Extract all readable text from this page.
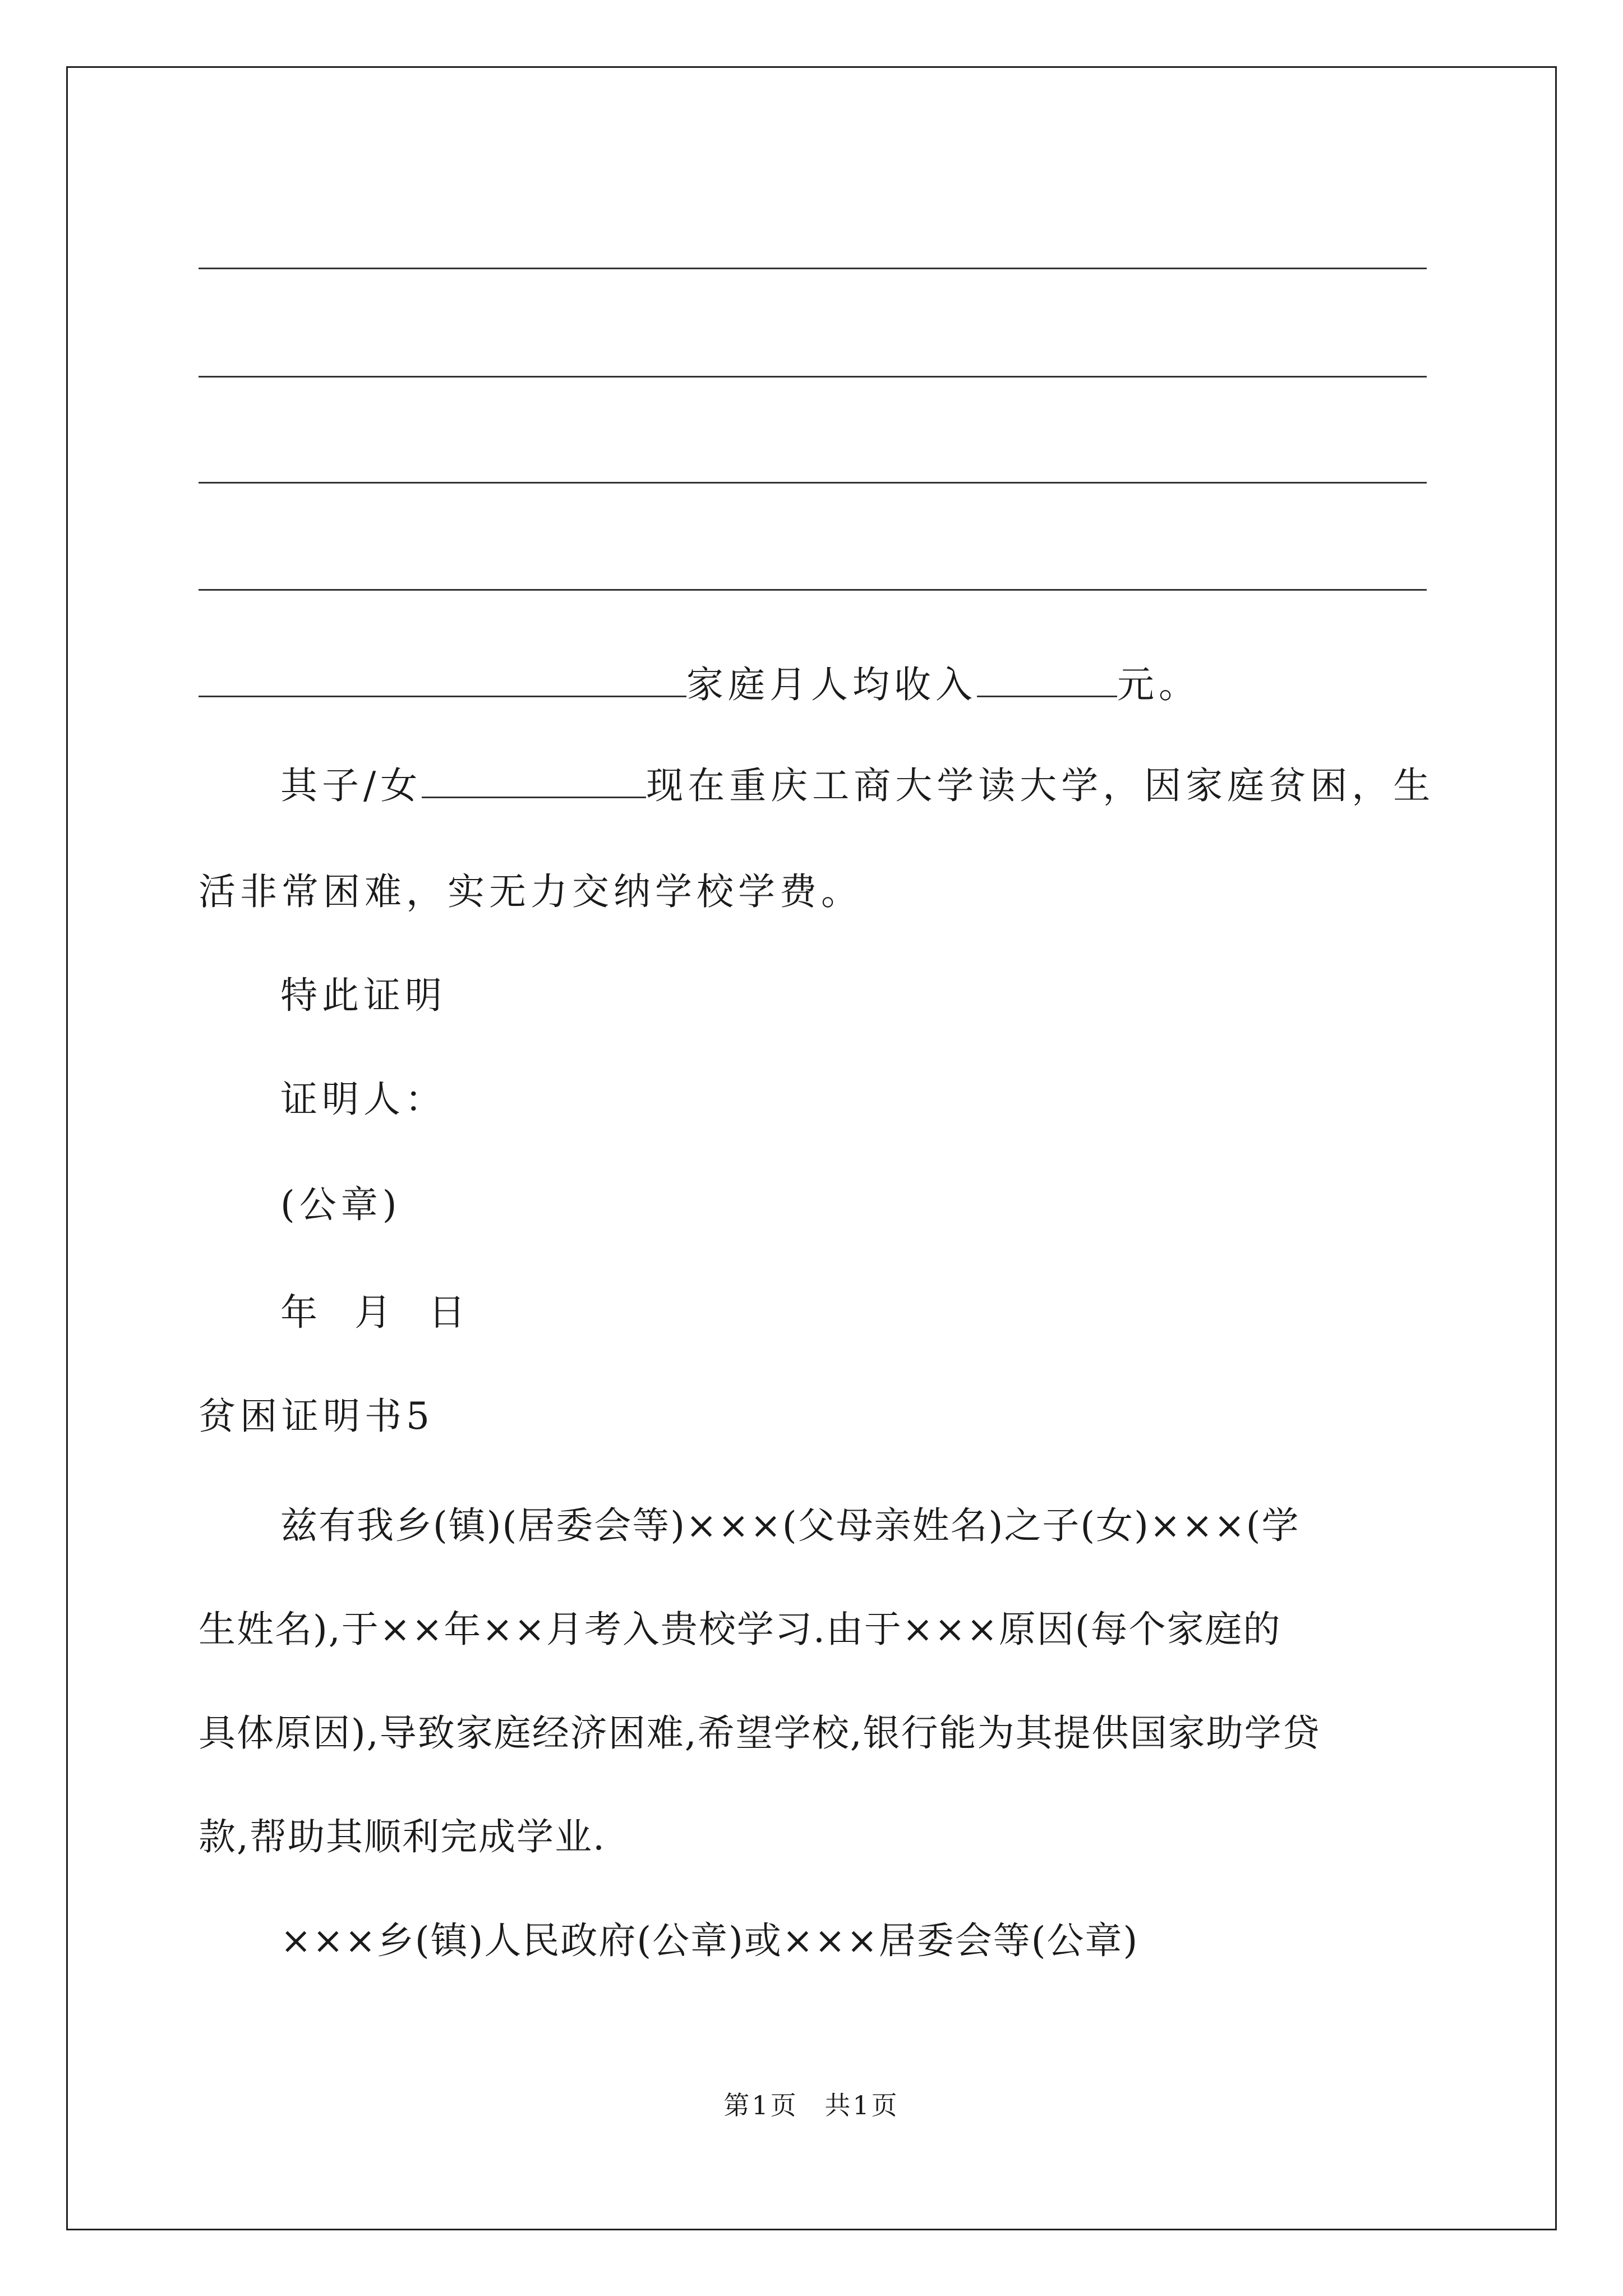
家庭月人均收入	元。
其子/女	现在重庆工商大学读大学，因家庭贫困，生
活非常困难，实无力交纳学校学费。
特此证明
证明人：
(公章)
年  月  日
贫困证明书5
兹有我乡(镇)(居委会等)×××(父母亲姓名)之子(女)×××(学
生姓名),于××年××月考入贵校学习.由于×××原因(每个家庭的
具体原因),导致家庭经济困难,希望学校,银行能为其提供国家助学贷
款,帮助其顺利完成学业.
×××乡(镇)人民政府(公章)或×××居委会等(公章)
第1页 共1页
